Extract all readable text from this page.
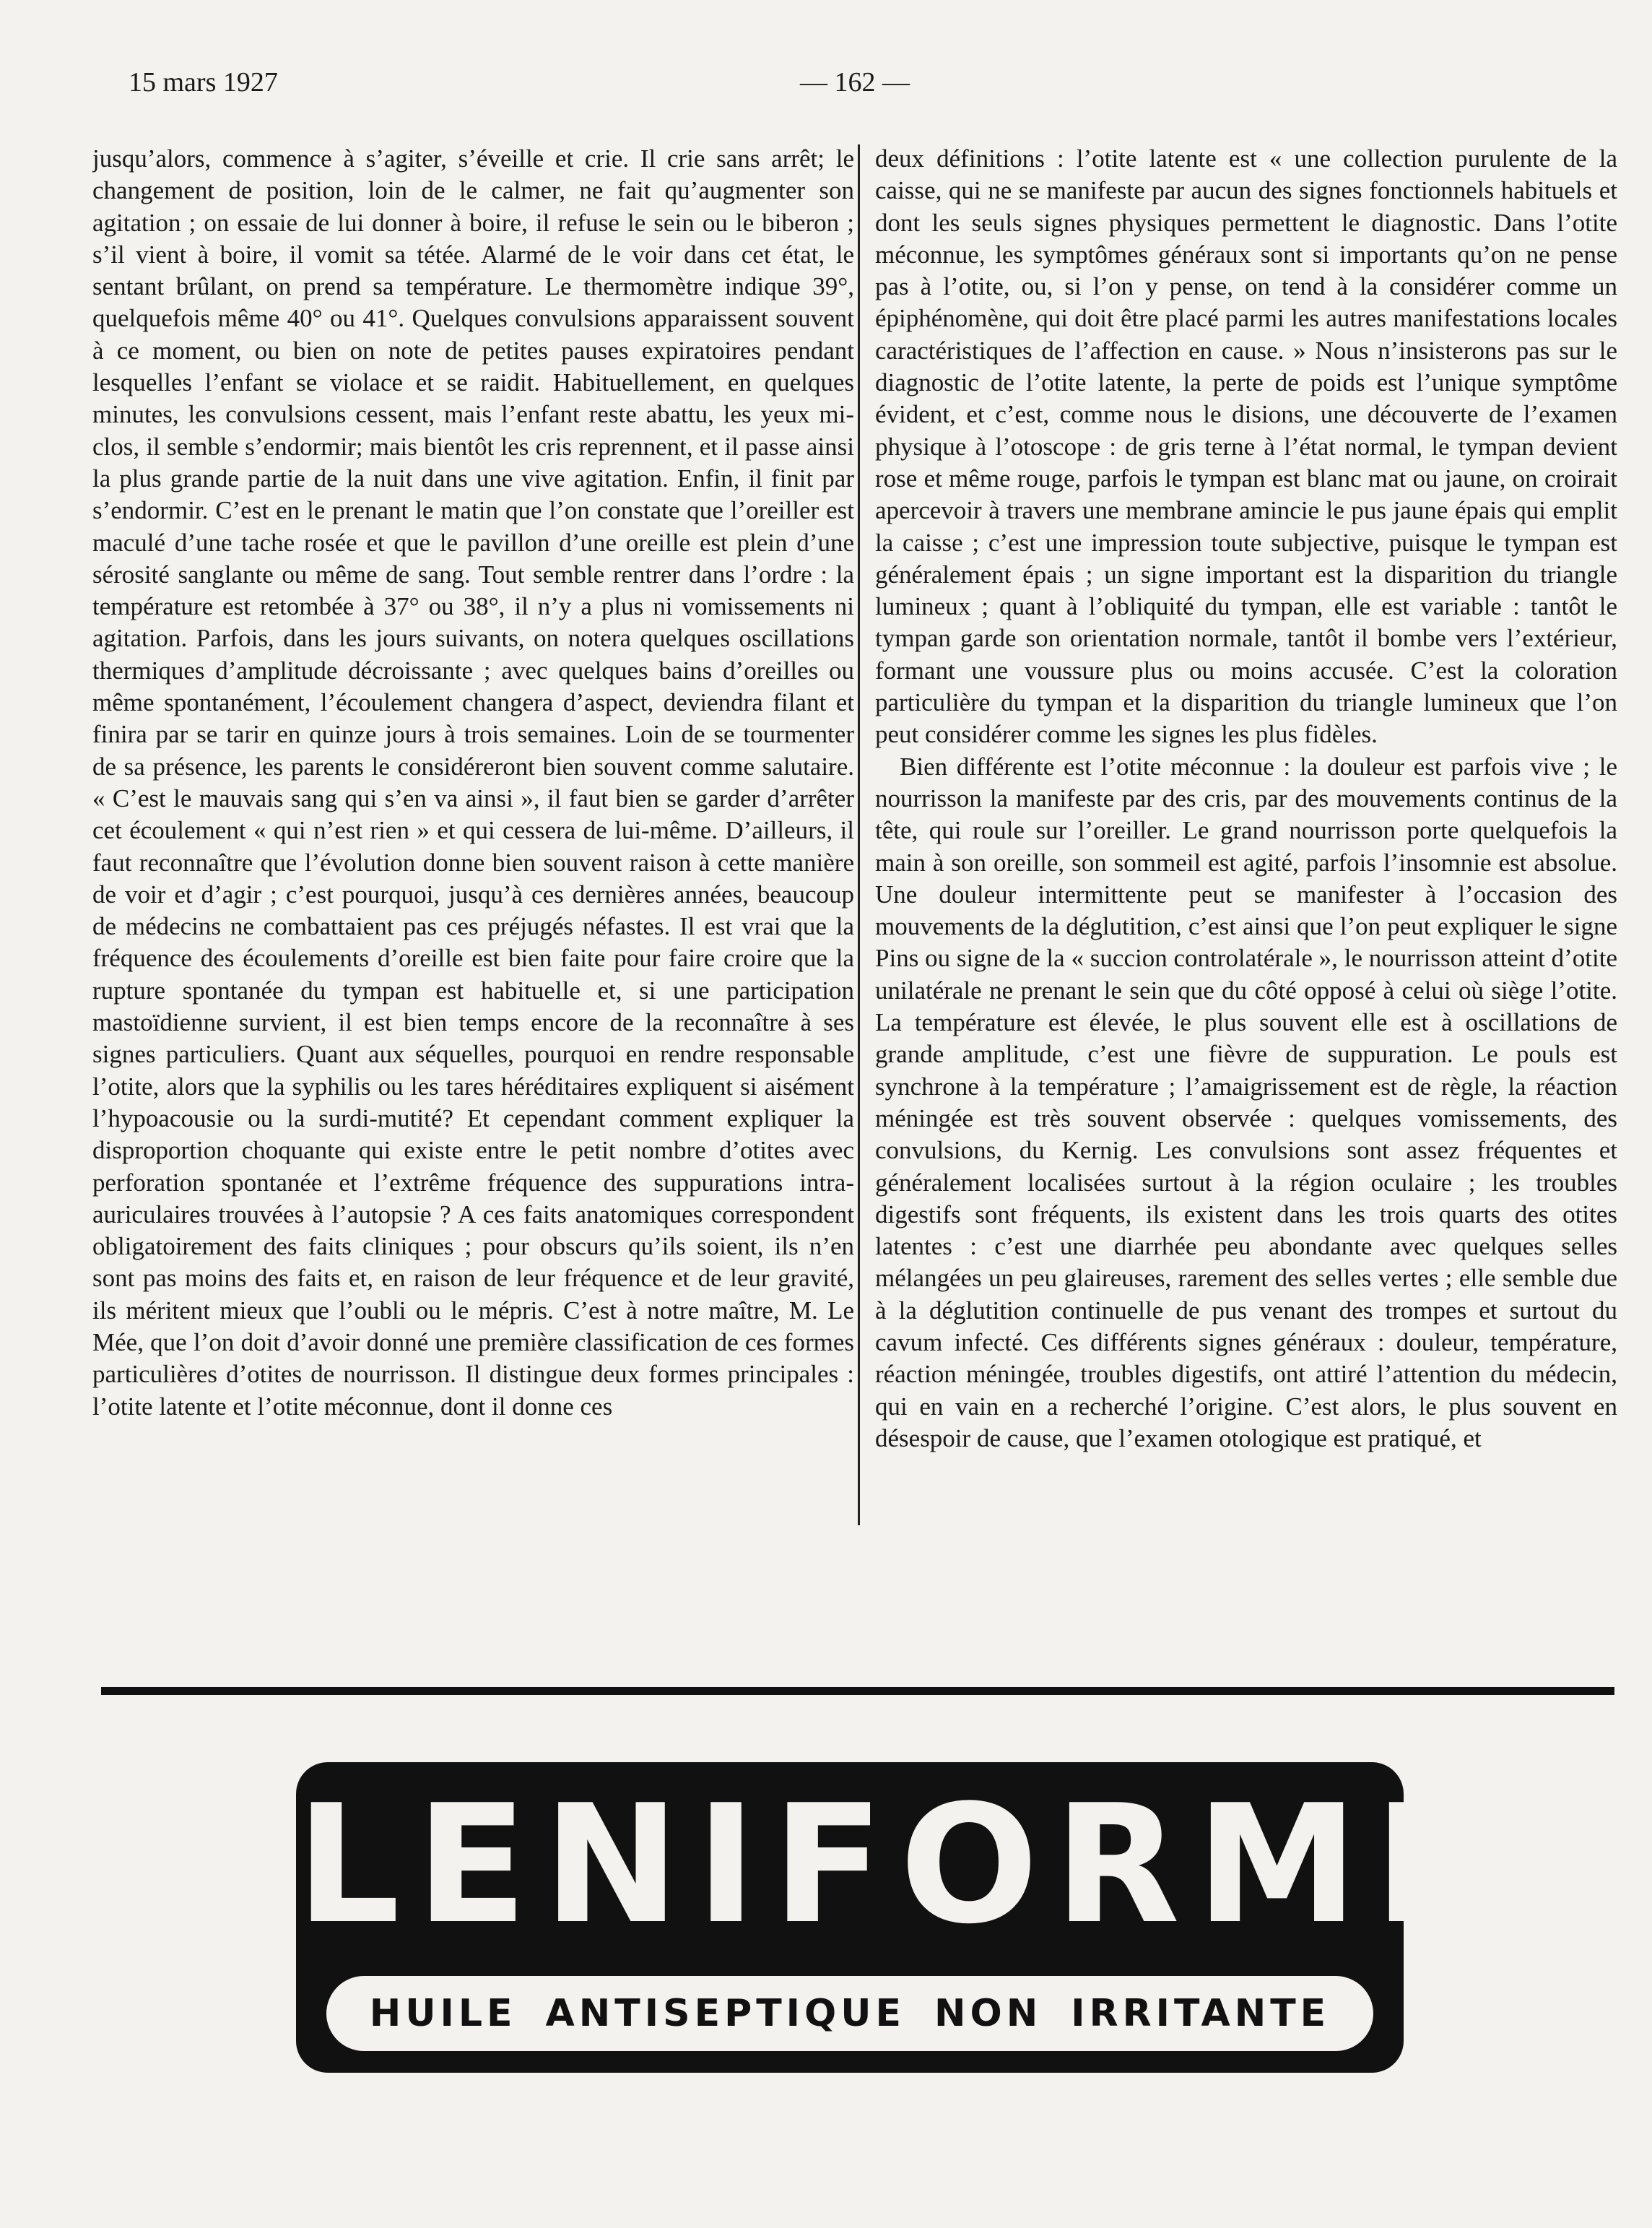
15 mars 1927	— 162 —

jusqu’alors, commence à s’agiter, s’éveille et crie. Il crie sans arrêt; le changement de position, loin de le calmer, ne fait qu’augmenter son agitation ; on essaie de lui donner à boire, il refuse le sein ou le biberon ; s’il vient à boire, il vomit sa tétée. Alarmé de le voir dans cet état, le sentant brûlant, on prend sa température. Le thermomètre indique 39°, quelquefois même 40° ou 41°. Quelques convulsions apparaissent souvent à ce moment, ou bien on note de petites pauses expiratoires pendant lesquelles l’enfant se violace et se raidit. Habituellement, en quelques minutes, les convulsions cessent, mais l’enfant reste abattu, les yeux mi-clos, il semble s’endormir; mais bientôt les cris reprennent, et il passe ainsi la plus grande partie de la nuit dans une vive agitation. Enfin, il finit par s’endormir. C’est en le prenant le matin que l’on constate que l’oreiller est maculé d’une tache rosée et que le pavillon d’une oreille est plein d’une sérosité sanglante ou même de sang. Tout semble rentrer dans l’ordre : la température est retombée à 37° ou 38°, il n’y a plus ni vomissements ni agitation. Parfois, dans les jours suivants, on notera quelques oscillations thermiques d’amplitude décroissante ; avec quelques bains d’oreilles ou même spontanément, l’écoulement changera d’aspect, deviendra filant et finira par se tarir en quinze jours à trois semaines. Loin de se tourmenter de sa présence, les parents le considéreront bien souvent comme salutaire. « C’est le mauvais sang qui s’en va ainsi », il faut bien se garder d’arrêter cet écoulement « qui n’est rien » et qui cessera de lui-même. D’ailleurs, il faut reconnaître que l’évolution donne bien souvent raison à cette manière de voir et d’agir ; c’est pourquoi, jusqu’à ces dernières années, beaucoup de médecins ne combattaient pas ces préjugés néfastes. Il est vrai que la fréquence des écoulements d’oreille est bien faite pour faire croire que la rupture spontanée du tympan est habituelle et, si une participation mastoïdienne survient, il est bien temps encore de la reconnaître à ses signes particuliers. Quant aux séquelles, pourquoi en rendre responsable l’otite, alors que la syphilis ou les tares héréditaires expliquent si aisément l’hypoacousie ou la surdi-mutité? Et cependant comment expliquer la disproportion choquante qui existe entre le petit nombre d’otites avec perforation spontanée et l’extrême fréquence des suppurations intra-auriculaires trouvées à l’autopsie ? A ces faits anatomiques correspondent obligatoirement des faits cliniques ; pour obscurs qu’ils soient, ils n’en sont pas moins des faits et, en raison de leur fréquence et de leur gravité, ils méritent mieux que l’oubli ou le mépris. C’est à notre maître, M. Le Mée, que l’on doit d’avoir donné une première classification de ces formes particulières d’otites de nourrisson. Il distingue deux formes principales : l’otite latente et l’otite méconnue, dont il donne ces

deux définitions : l’otite latente est « une collection purulente de la caisse, qui ne se manifeste par aucun des signes fonctionnels habituels et dont les seuls signes physiques permettent le diagnostic. Dans l’otite méconnue, les symptômes généraux sont si importants qu’on ne pense pas à l’otite, ou, si l’on y pense, on tend à la considérer comme un épiphénomène, qui doit être placé parmi les autres manifestations locales caractéristiques de l’affection en cause. » Nous n’insisterons pas sur le diagnostic de l’otite latente, la perte de poids est l’unique symptôme évident, et c’est, comme nous le disions, une découverte de l’examen physique à l’otoscope : de gris terne à l’état normal, le tympan devient rose et même rouge, parfois le tympan est blanc mat ou jaune, on croirait apercevoir à travers une membrane amincie le pus jaune épais qui emplit la caisse ; c’est une impression toute subjective, puisque le tympan est généralement épais ; un signe important est la disparition du triangle lumineux ; quant à l’obliquité du tympan, elle est variable : tantôt le tympan garde son orientation normale, tantôt il bombe vers l’extérieur, formant une voussure plus ou moins accusée. C’est la coloration particulière du tympan et la disparition du triangle lumineux que l’on peut considérer comme les signes les plus fidèles.

Bien différente est l’otite méconnue : la douleur est parfois vive ; le nourrisson la manifeste par des cris, par des mouvements continus de la tête, qui roule sur l’oreiller. Le grand nourrisson porte quelquefois la main à son oreille, son sommeil est agité, parfois l’insomnie est absolue. Une douleur intermittente peut se manifester à l’occasion des mouvements de la déglutition, c’est ainsi que l’on peut expliquer le signe Pins ou signe de la « succion controlatérale », le nourrisson atteint d’otite unilatérale ne prenant le sein que du côté opposé à celui où siège l’otite. La température est élevée, le plus souvent elle est à oscillations de grande amplitude, c’est une fièvre de suppuration. Le pouls est synchrone à la température ; l’amaigrissement est de règle, la réaction méningée est très souvent observée : quelques vomissements, des convulsions, du Kernig. Les convulsions sont assez fréquentes et généralement localisées surtout à la région oculaire ; les troubles digestifs sont fréquents, ils existent dans les trois quarts des otites latentes : c’est une diarrhée peu abondante avec quelques selles mélangées un peu glaireuses, rarement des selles vertes ; elle semble due à la déglutition continuelle de pus venant des trompes et surtout du cavum infecté. Ces différents signes généraux : douleur, température, réaction méningée, troubles digestifs, ont attiré l’attention du médecin, qui en vain en a recherché l’origine. C’est alors, le plus souvent en désespoir de cause, que l’examen otologique est pratiqué, et

LENIFORME
HUILE ANTISEPTIQUE NON IRRITANTE
